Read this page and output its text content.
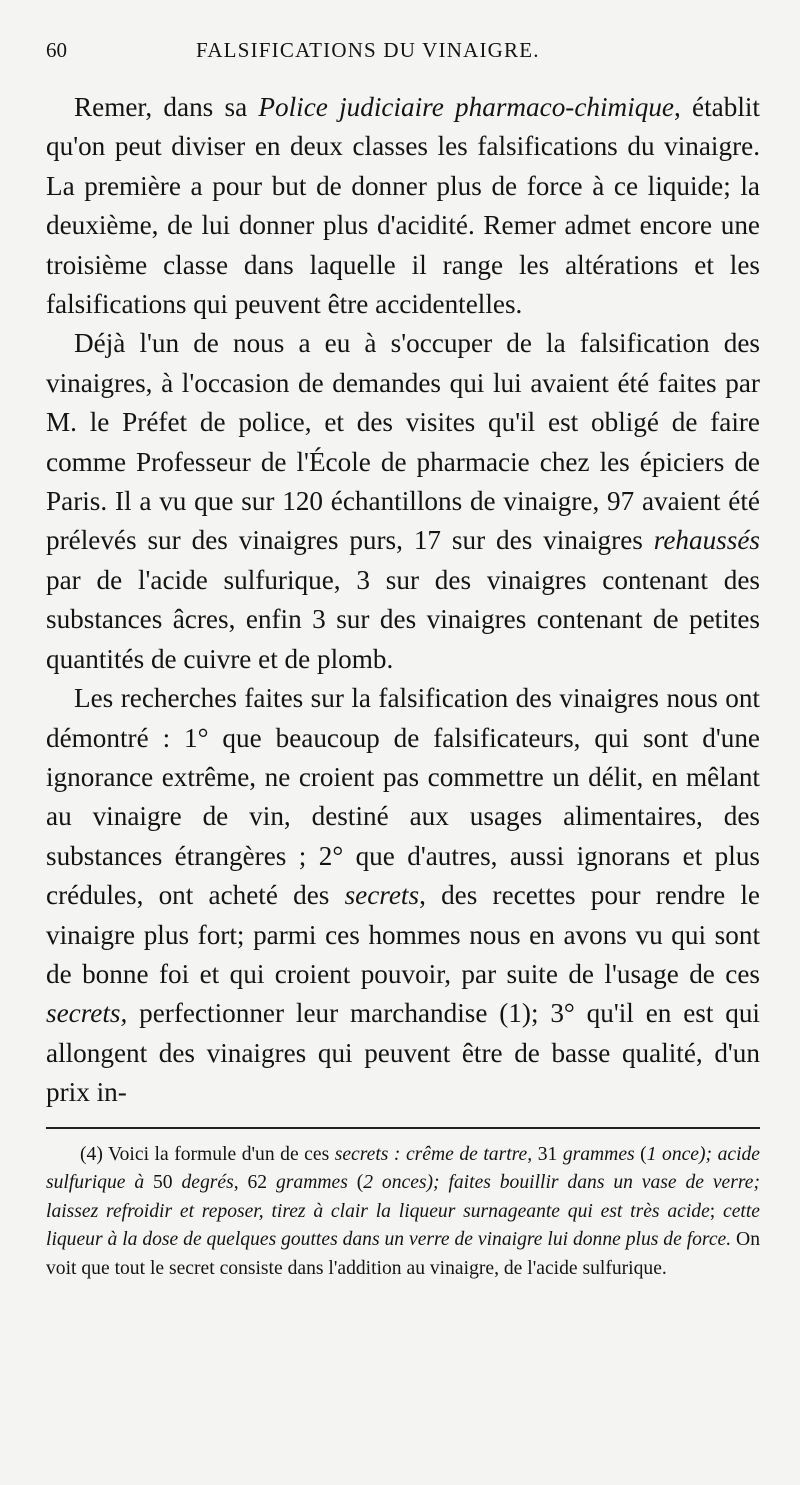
60	FALSIFICATIONS DU VINAIGRE.

Remer, dans sa Police judiciaire pharmaco-chimique, établit qu'on peut diviser en deux classes les falsifications du vinaigre. La première a pour but de donner plus de force à ce liquide; la deuxième, de lui donner plus d'acidité. Remer admet encore une troisième classe dans laquelle il range les altérations et les falsifications qui peuvent être accidentelles.

Déjà l'un de nous a eu à s'occuper de la falsification des vinaigres, à l'occasion de demandes qui lui avaient été faites par M. le Préfet de police, et des visites qu'il est obligé de faire comme Professeur de l'École de pharmacie chez les épiciers de Paris. Il a vu que sur 120 échantillons de vinaigre, 97 avaient été prélevés sur des vinaigres purs, 17 sur des vinaigres rehaussés par de l'acide sulfurique, 3 sur des vinaigres contenant des substances âcres, enfin 3 sur des vinaigres contenant de petites quantités de cuivre et de plomb.

Les recherches faites sur la falsification des vinaigres nous ont démontré : 1° que beaucoup de falsificateurs, qui sont d'une ignorance extrême, ne croient pas commettre un délit, en mêlant au vinaigre de vin, destiné aux usages alimentaires, des substances étrangères ; 2° que d'autres, aussi ignorans et plus crédules, ont acheté des secrets, des recettes pour rendre le vinaigre plus fort; parmi ces hommes nous en avons vu qui sont de bonne foi et qui croient pouvoir, par suite de l'usage de ces secrets, perfectionner leur marchandise (1); 3° qu'il en est qui allongent des vinaigres qui peuvent être de basse qualité, d'un prix in-

(4) Voici la formule d'un de ces secrets : crême de tartre, 31 grammes (1 once); acide sulfurique à 50 degrés, 62 grammes (2 onces); faites bouillir dans un vase de verre; laissez refroidir et reposer, tirez à clair la liqueur surnageante qui est très acide; cette liqueur à la dose de quelques gouttes dans un verre de vinaigre lui donne plus de force. On voit que tout le secret consiste dans l'addition au vinaigre, de l'acide sulfurique.
